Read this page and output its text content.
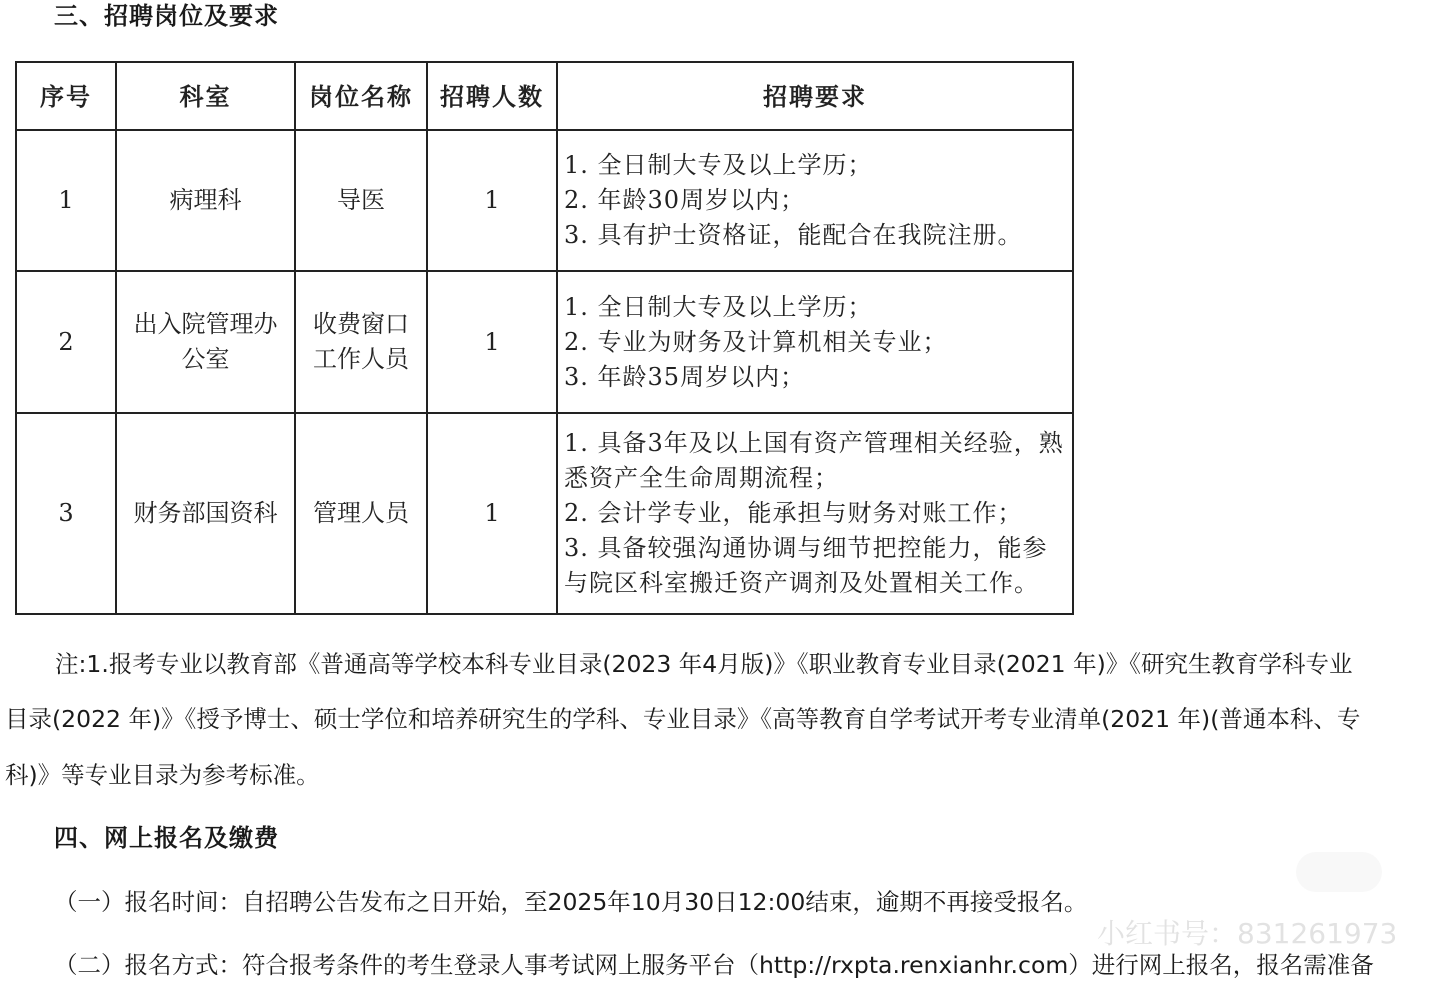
三、招聘岗位及要求
序号	科室	岗位名称	招聘人数	招聘要求
1	病理科	导医	1	1. 全日制大专及以上学历；
2. 年龄30周岁以内；
3. 具有护士资格证，能配合在我院注册。

2	出入院管理办公室	收费窗口工作人员	1	1. 全日制大专及以上学历；
2. 专业为财务及计算机相关专业；
3. 年龄35周岁以内；

3	财务部国资科	管理人员	1	1. 具备3年及以上国有资产管理相关经验，熟悉资产全生命周期流程；
2. 会计学专业，能承担与财务对账工作；
3. 具备较强沟通协调与细节把控能力，能参与院区科室搬迁资产调剂及处置相关工作。
注:1.报考专业以教育部《普通高等学校本科专业目录(2023 年4月版)》《职业教育专业目录(2021 年)》《研究生教育学科专业
目录(2022 年)》《授予博士、硕士学位和培养研究生的学科、专业目录》《高等教育自学考试开考专业清单(2021 年)(普通本科、专
科)》等专业目录为参考标准。
四、网上报名及缴费
（一）报名时间：自招聘公告发布之日开始，至2025年10月30日12:00结束，逾期不再接受报名。
（二）报名方式：符合报考条件的考生登录人事考试网上服务平台（http://rxpta.renxianhr.com）进行网上报名，报名需准备
小红书号：831261973
